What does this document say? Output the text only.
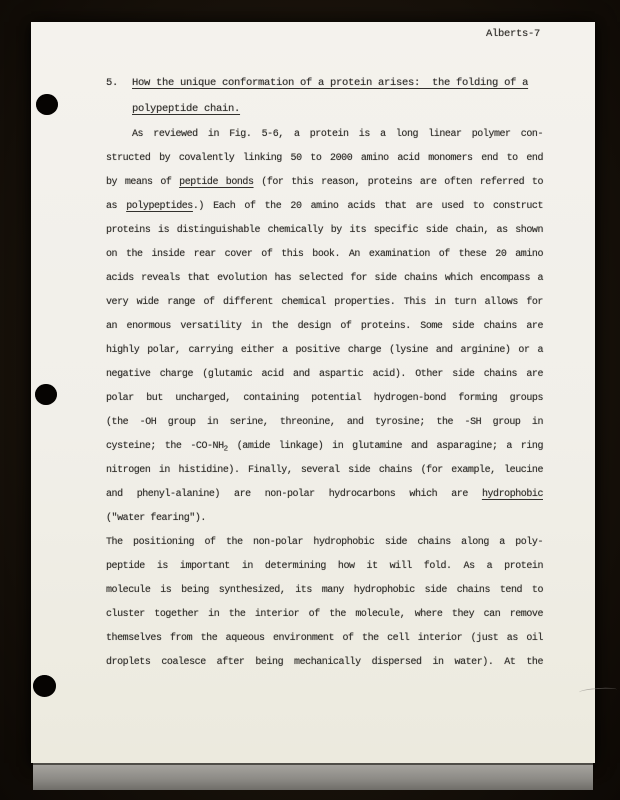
Alberts-7
5.	How the unique conformation of a protein arises:  the folding of a
polypeptide chain.
As reviewed in Fig. 5-6, a protein is a long linear polymer con-
structed by covalently linking 50 to 2000 amino acid monomers end to end
by means of peptide bonds (for this reason, proteins are often referred to
as polypeptides.) Each of the 20 amino acids that are used to construct
proteins is distinguishable chemically by its specific side chain, as shown
on the inside rear cover of this book. An examination of these 20 amino
acids reveals that evolution has selected for side chains which encompass a
very wide range of different chemical properties. This in turn allows for
an enormous versatility in the design of proteins. Some side chains are
highly polar, carrying either a positive charge (lysine and arginine) or a
negative charge (glutamic acid and aspartic acid). Other side chains are
polar but uncharged, containing potential hydrogen-bond forming groups
(the -OH group in serine, threonine, and tyrosine; the -SH group in
cysteine; the $-CO-NH_2$ (amide linkage) in glutamine and asparagine; a ring
nitrogen in histidine). Finally, several side chains (for example, leucine
and phenyl-alanine) are non-polar hydrocarbons which are hydrophobic
("water fearing").
The positioning of the non-polar hydrophobic side chains along a poly-
peptide is important in determining how it will fold. As a protein
molecule is being synthesized, its many hydrophobic side chains tend to
cluster together in the interior of the molecule, where they can remove
themselves from the aqueous environment of the cell interior (just as oil
droplets coalesce after being mechanically dispersed in water). At the
